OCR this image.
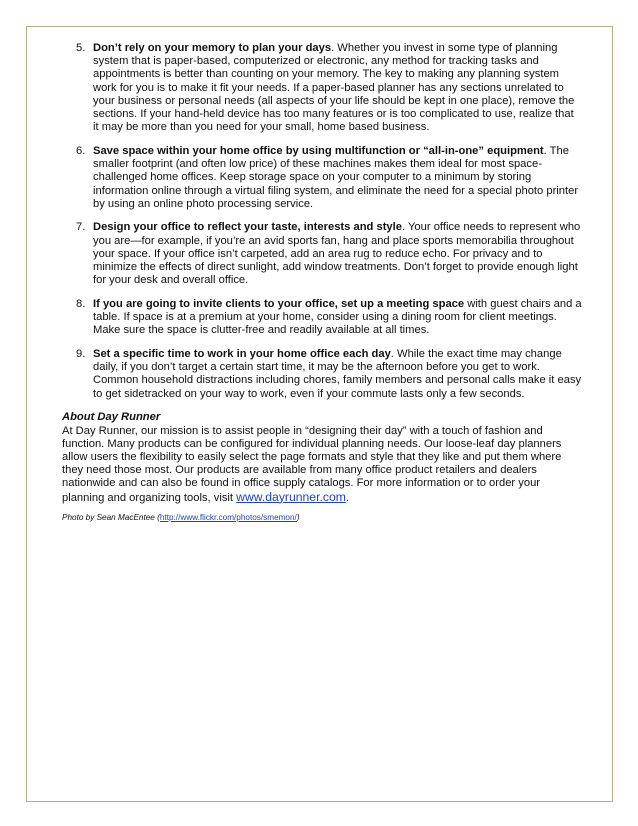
5. Don’t rely on your memory to plan your days. Whether you invest in some type of planning system that is paper-based, computerized or electronic, any method for tracking tasks and appointments is better than counting on your memory. The key to making any planning system work for you is to make it fit your needs. If a paper-based planner has any sections unrelated to your business or personal needs (all aspects of your life should be kept in one place), remove the sections. If your hand-held device has too many features or is too complicated to use, realize that it may be more than you need for your small, home based business.
6. Save space within your home office by using multifunction or “all-in-one” equipment. The smaller footprint (and often low price) of these machines makes them ideal for most space-challenged home offices. Keep storage space on your computer to a minimum by storing information online through a virtual filing system, and eliminate the need for a special photo printer by using an online photo processing service.
7. Design your office to reflect your taste, interests and style. Your office needs to represent who you are—for example, if you’re an avid sports fan, hang and place sports memorabilia throughout your space. If your office isn’t carpeted, add an area rug to reduce echo. For privacy and to minimize the effects of direct sunlight, add window treatments. Don’t forget to provide enough light for your desk and overall office.
8. If you are going to invite clients to your office, set up a meeting space with guest chairs and a table. If space is at a premium at your home, consider using a dining room for client meetings. Make sure the space is clutter-free and readily available at all times.
9. Set a specific time to work in your home office each day. While the exact time may change daily, if you don’t target a certain start time, it may be the afternoon before you get to work. Common household distractions including chores, family members and personal calls make it easy to get sidetracked on your way to work, even if your commute lasts only a few seconds.
About Day Runner
At Day Runner, our mission is to assist people in “designing their day” with a touch of fashion and function. Many products can be configured for individual planning needs. Our loose-leaf day planners allow users the flexibility to easily select the page formats and style that they like and put them where they need those most. Our products are available from many office product retailers and dealers nationwide and can also be found in office supply catalogs. For more information or to order your planning and organizing tools, visit www.dayrunner.com.
Photo by Sean MacEntee (http://www.flickr.com/photos/smemon/)
